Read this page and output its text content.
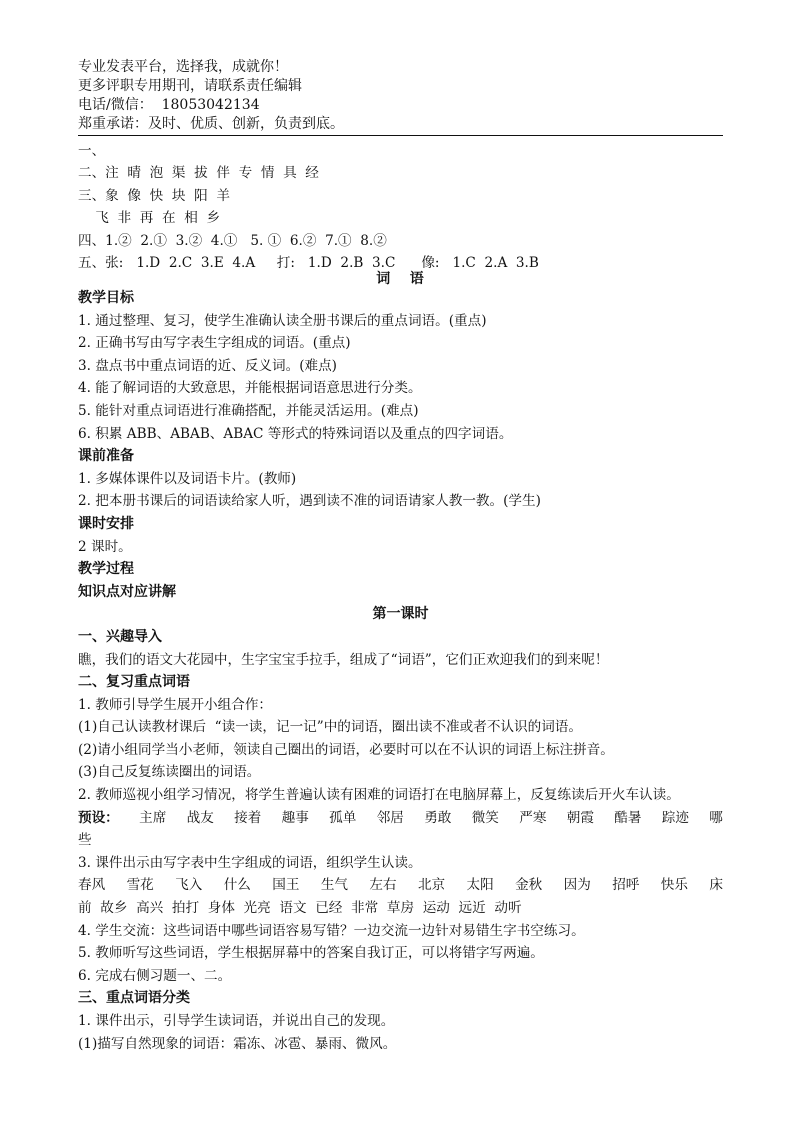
专业发表平台，选择我，成就你！
更多评职专用期刊，请联系责任编辑
电话/微信：  18053042134
郑重承诺：及时、优质、创新，负责到底。
一、
二、注  晴  泡  渠  拔  伴  专  情  具  经
三、象  像  快  块  阳  羊
飞  非  再  在  相  乡
四、1.②  2.①  3.②  4.①   5. ①  6.②  7.①  8.②
五、张:   1.D  2.C  3.E  4.A     打:   1.D  2.B  3.C      像:   1.C  2.A  3.B
词    语
教学目标
1. 通过整理、复习，使学生准确认读全册书课后的重点词语。(重点)
2. 正确书写由写字表生字组成的词语。(重点)
3. 盘点书中重点词语的近、反义词。(难点)
4. 能了解词语的大致意思，并能根据词语意思进行分类。
5. 能针对重点词语进行准确搭配，并能灵活运用。(难点)
6. 积累 ABB、ABAB、ABAC 等形式的特殊词语以及重点的四字词语。
课前准备
1. 多媒体课件以及词语卡片。(教师)
2. 把本册书课后的词语读给家人听，遇到读不准的词语请家人教一教。(学生)
课时安排
2 课时。
教学过程
知识点对应讲解
第一课时
一、兴趣导入
瞧，我们的语文大花园中，生字宝宝手拉手，组成了“词语”，它们正欢迎我们的到来呢！
二、复习重点词语
1. 教师引导学生展开小组合作：
(1)自己认读教材课后  “读一读，记一记”中的词语，圈出读不准或者不认识的词语。
(2)请小组同学当小老师，领读自己圈出的词语，必要时可以在不认识的词语上标注拼音。
(3)自己反复练读圈出的词语。
2. 教师巡视小组学习情况，将学生普遍认读有困难的词语打在电脑屏幕上，反复练读后开火车认读。
预设： 主席 战友 接着 趣事 孤单 邻居 勇敢 微笑 严寒 朝霞 酷暑 踪迹 哪
些
3. 课件出示由写字表中生字组成的词语，组织学生认读。
春风 雪花 飞入 什么 国王 生气 左右 北京 太阳 金秋 因为 招呼 快乐 床
前  故乡  高兴  拍打  身体  光亮  语文  已经  非常  草房  运动  远近  动听
4. 学生交流：这些词语中哪些词语容易写错？一边交流一边针对易错生字书空练习。
5. 教师听写这些词语，学生根据屏幕中的答案自我订正，可以将错字写两遍。
6. 完成右侧习题一、二。
三、重点词语分类
1. 课件出示，引导学生读词语，并说出自己的发现。
(1)描写自然现象的词语：霜冻、冰雹、暴雨、微风。
